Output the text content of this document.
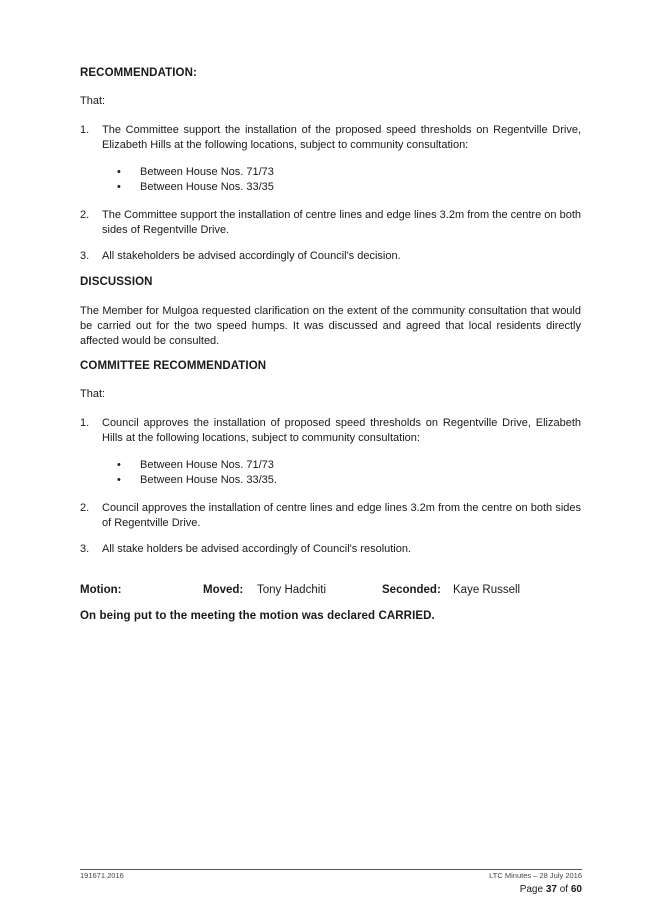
RECOMMENDATION:
That:
1. The Committee support the installation of the proposed speed thresholds on Regentville Drive, Elizabeth Hills at the following locations, subject to community consultation:
• Between House Nos. 71/73
• Between House Nos. 33/35
2. The Committee support the installation of centre lines and edge lines 3.2m from the centre on both sides of Regentville Drive.
3. All stakeholders be advised accordingly of Council's decision.
DISCUSSION
The Member for Mulgoa requested clarification on the extent of the community consultation that would be carried out for the two speed humps. It was discussed and agreed that local residents directly affected would be consulted.
COMMITTEE RECOMMENDATION
That:
1. Council approves the installation of proposed speed thresholds on Regentville Drive, Elizabeth Hills at the following locations, subject to community consultation:
• Between House Nos. 71/73
• Between House Nos. 33/35.
2. Council approves the installation of centre lines and edge lines 3.2m from the centre on both sides of Regentville Drive.
3. All stake holders be advised accordingly of Council's resolution.
Motion:	Moved: Tony Hadchiti	Seconded: Kaye Russell
On being put to the meeting the motion was declared CARRIED.
191671.2016	LTC Minutes – 28 July 2016
Page 37 of 60
